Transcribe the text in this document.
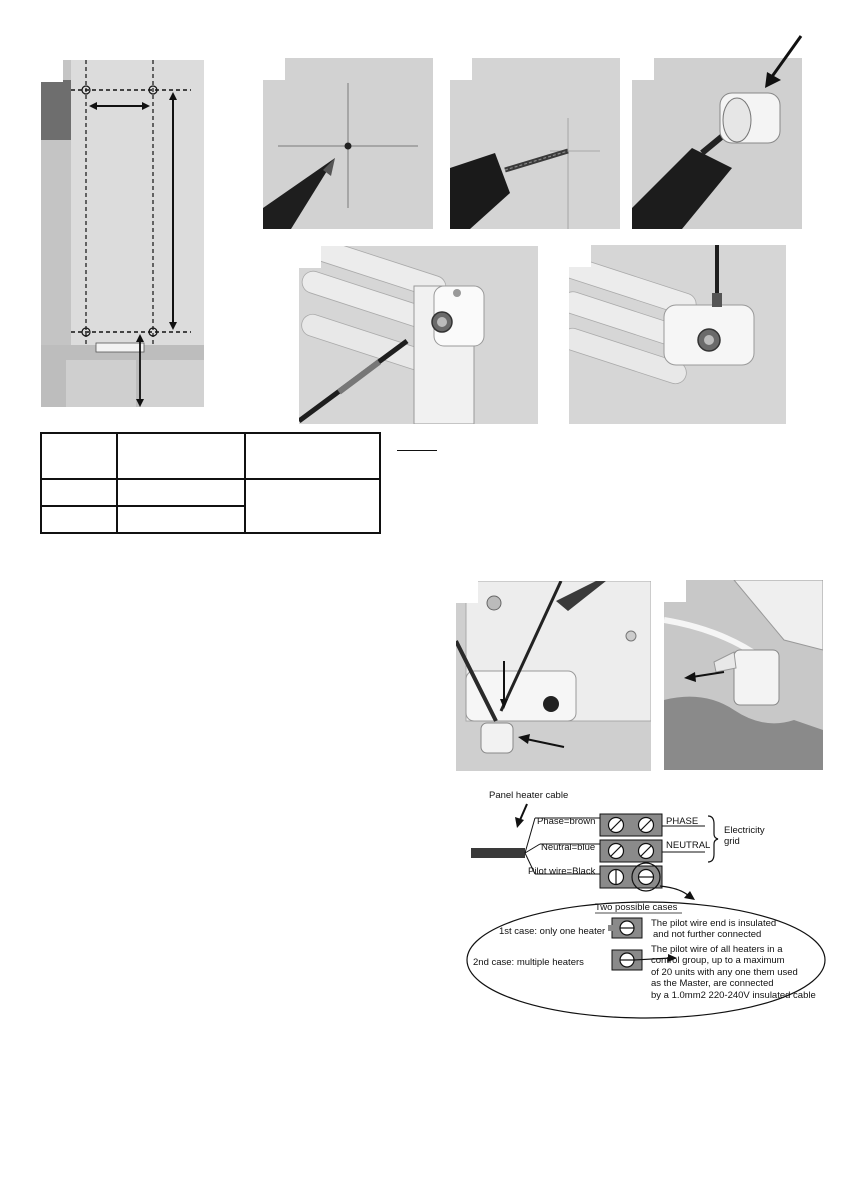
Panel heater cable
Phase=brown
Neutral=blue
Pilot wire=Black
PHASE
NEUTRAL
Electricity
grid
Two possible cases
1st case: only one heater
The pilot wire end is insulated
and not further connected
2nd case: multiple heaters
The pilot wire of all heaters in a
control group, up to a maximum
of 20 units with any one them used
as the Master, are connected
by a 1.0mm2 220-240V insulated cable
